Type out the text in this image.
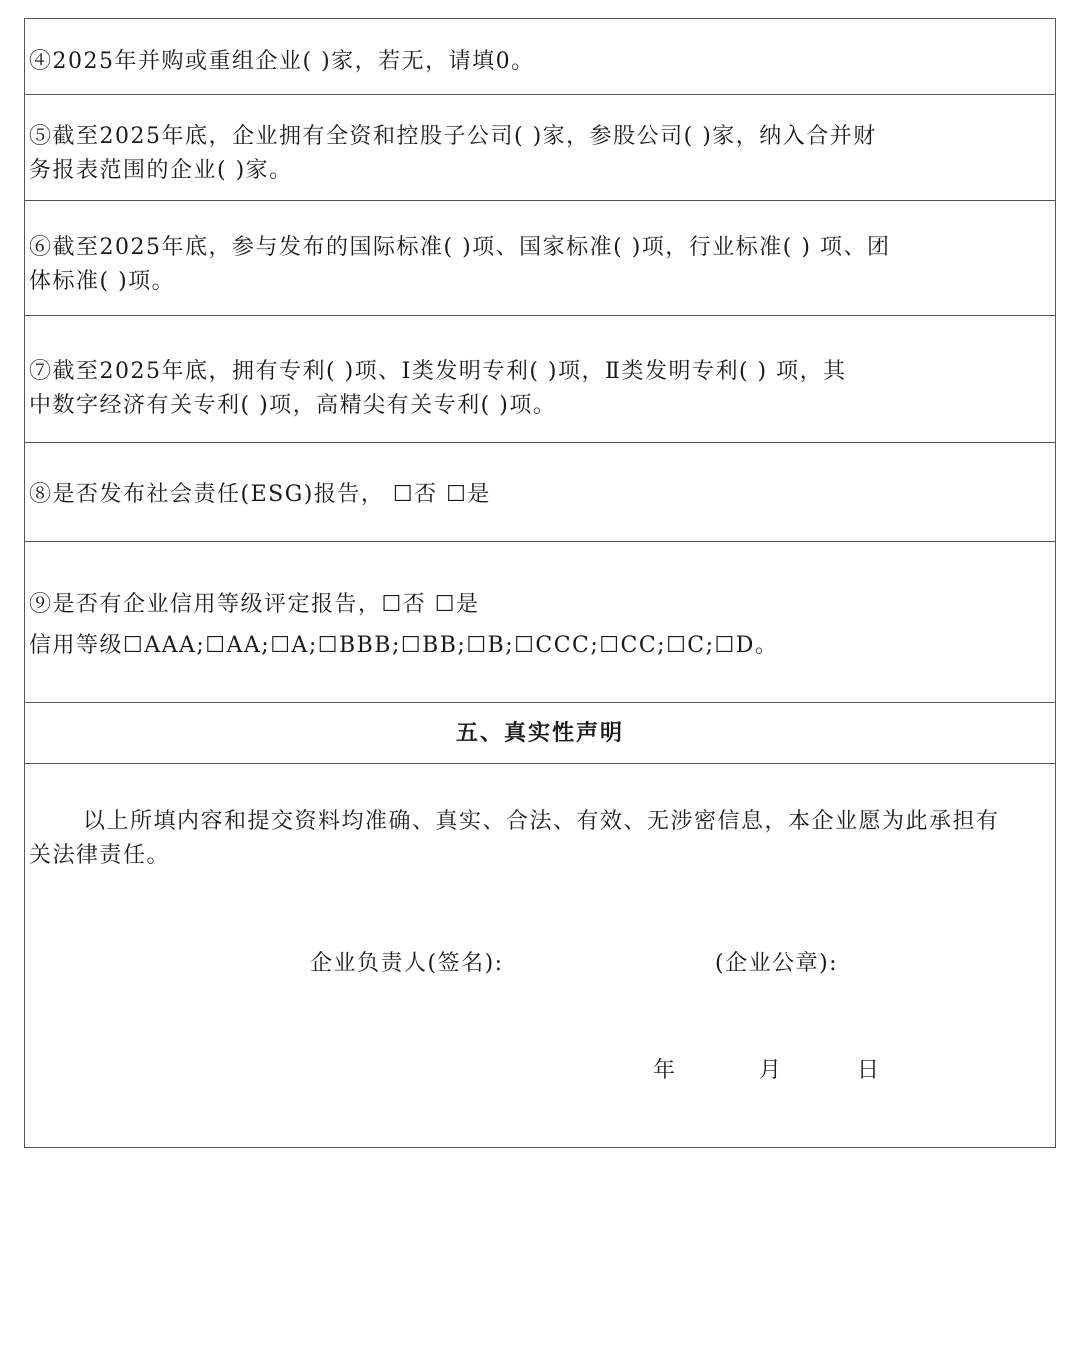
④2025年并购或重组企业( )家，若无，请填0。
⑤截至2025年底，企业拥有全资和控股子公司( )家，参股公司( )家，纳入合并财
务报表范围的企业( )家。
⑥截至2025年底，参与发布的国际标准( )项、国家标准( )项，行业标准( ) 项、团
体标准( )项。
⑦截至2025年底，拥有专利( )项、I类发明专利( )项，Ⅱ类发明专利( ) 项，其
中数字经济有关专利( )项，高精尖有关专利( )项。
⑧是否发布社会责任(ESG)报告， ☐否 ☐是
⑨是否有企业信用等级评定报告，☐否 ☐是
信用等级☐AAA;☐AA;☐A;☐BBB;☐BB;☐B;☐CCC;☐CC;☐C;☐D。
五、真实性声明
以上所填内容和提交资料均准确、真实、合法、有效、无涉密信息，本企业愿为此承担有
关法律责任。
企业负责人(签名):	(企业公章):
年	月	日
